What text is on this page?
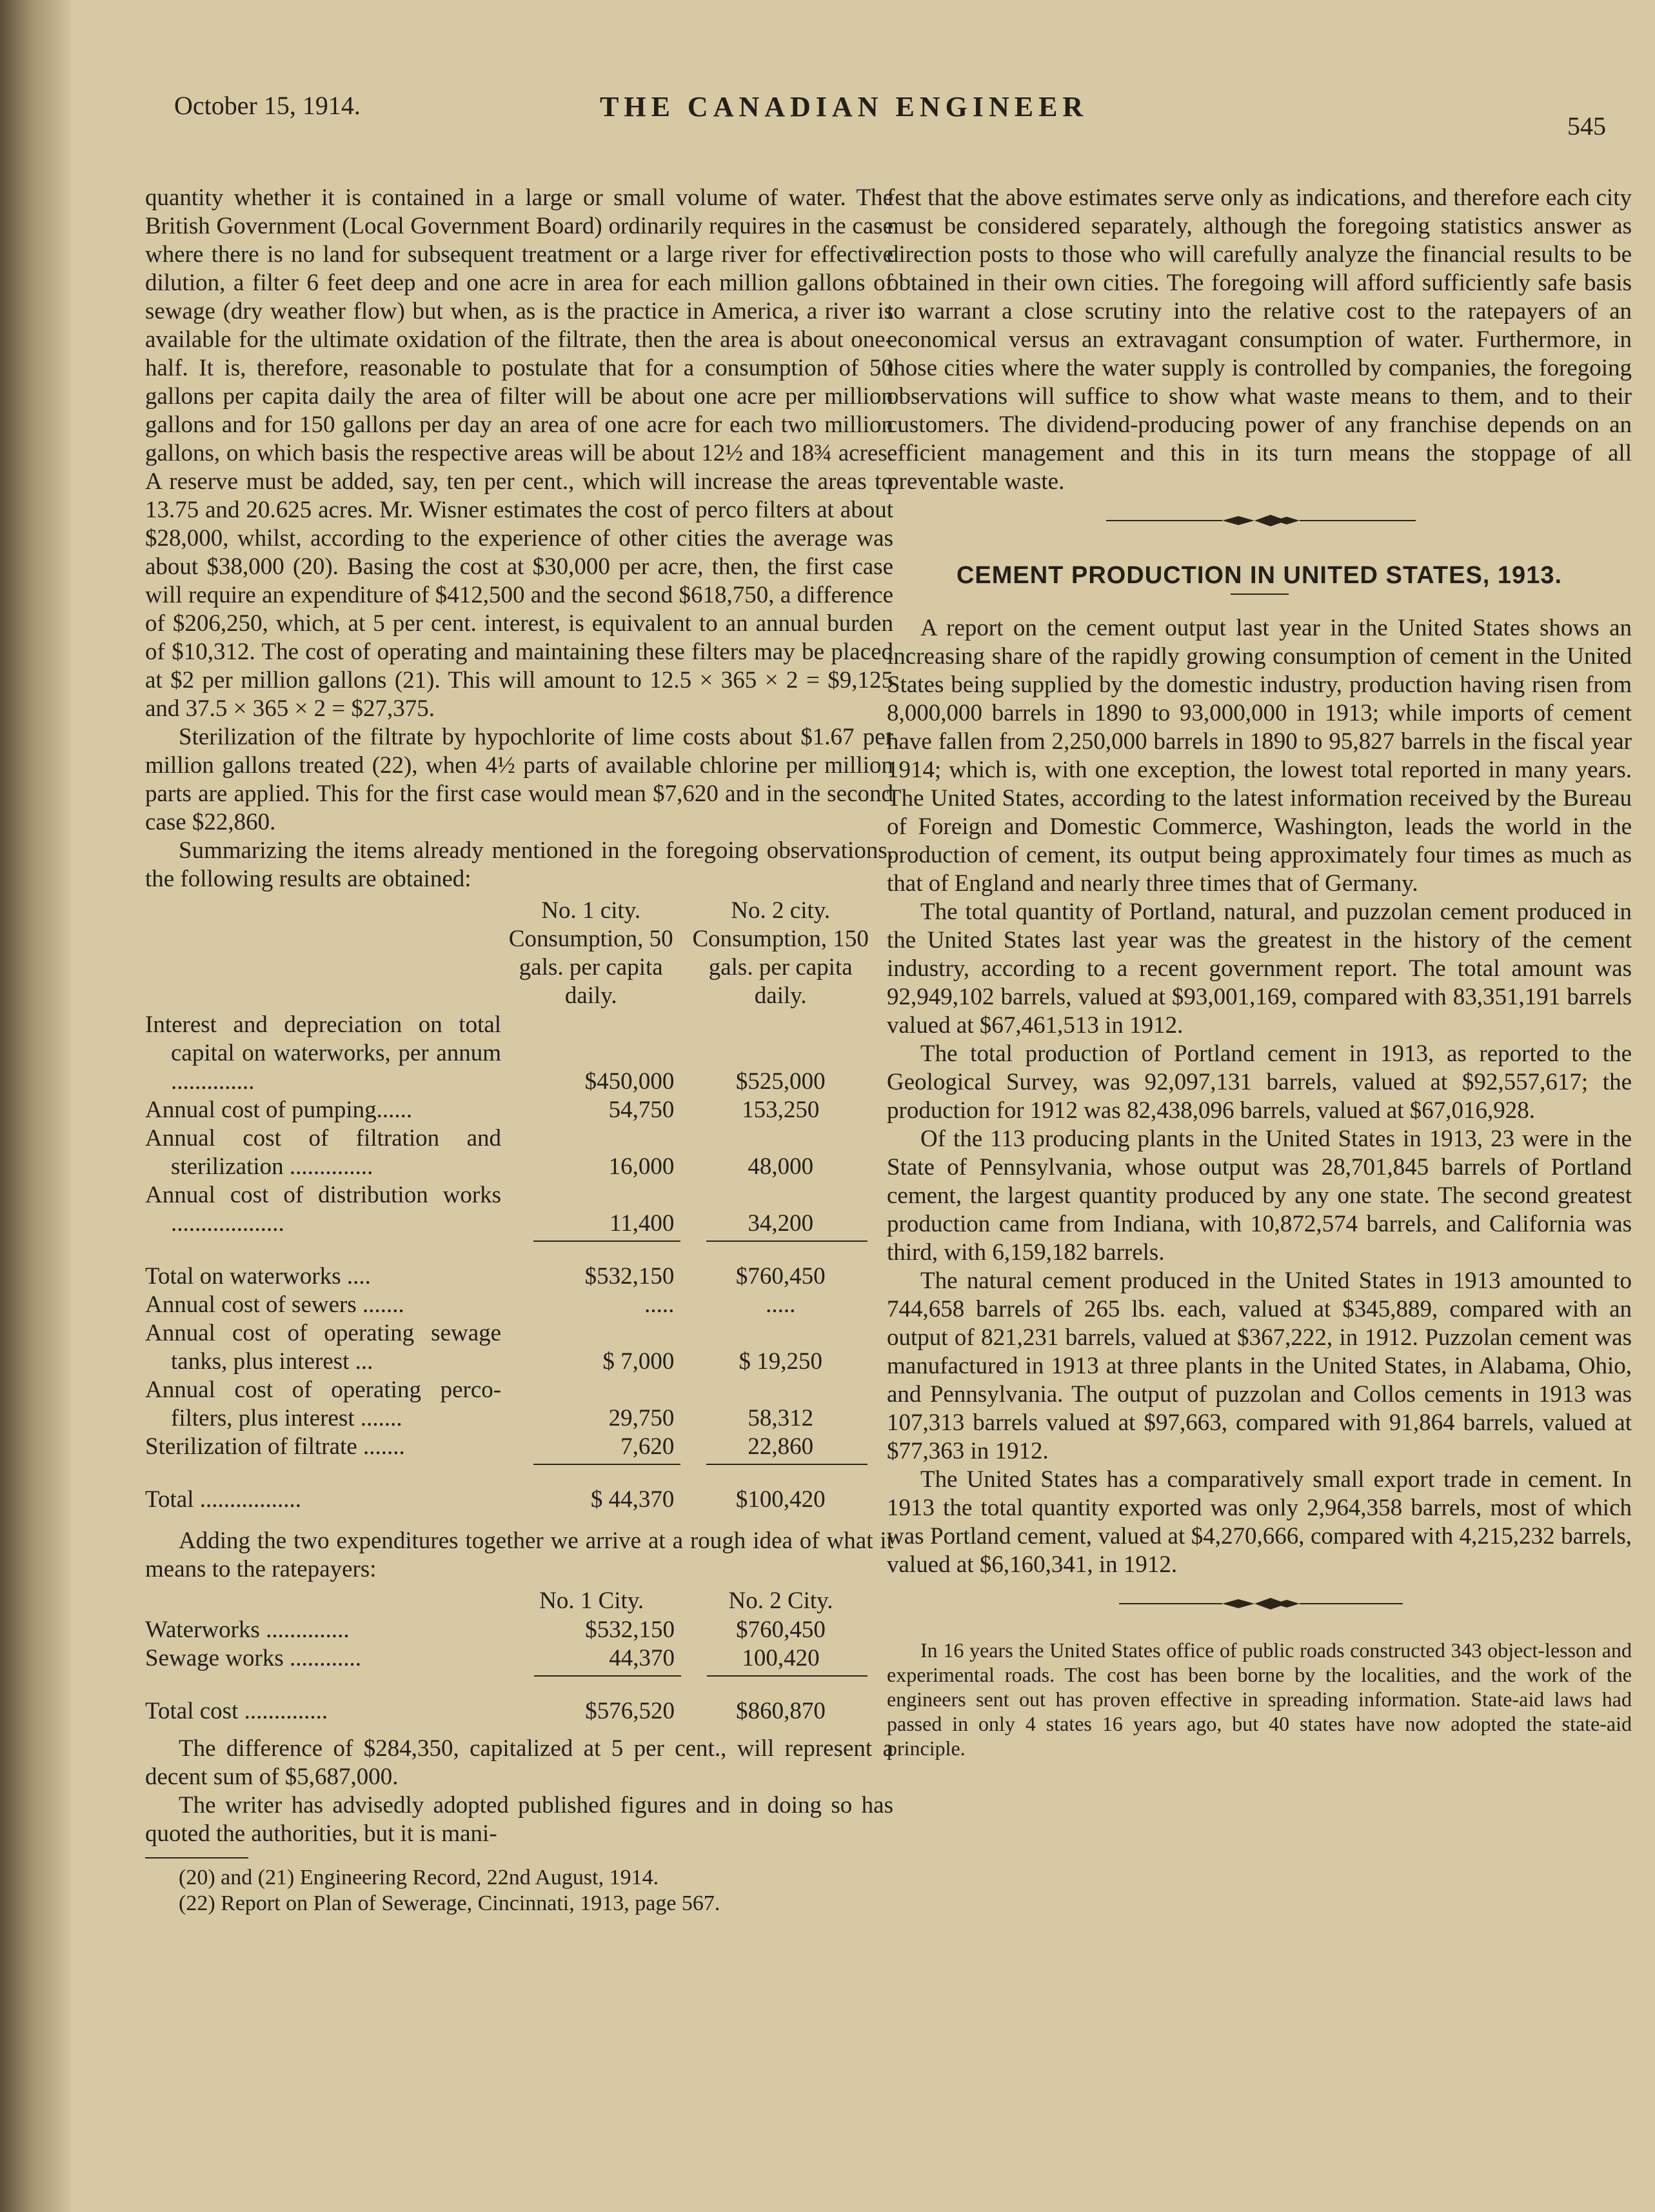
October 15, 1914.	THE CANADIAN ENGINEER
545

quantity whether it is contained in a large or small volume of water. The British Government (Local Government Board) ordinarily requires in the case where there is no land for subsequent treatment or a large river for effective dilution, a filter 6 feet deep and one acre in area for each million gallons of sewage (dry weather flow) but when, as is the practice in America, a river is available for the ultimate oxidation of the filtrate, then the area is about one-half. It is, therefore, reasonable to postulate that for a consumption of 50 gallons per capita daily the area of filter will be about one acre per million gallons and for 150 gallons per day an area of one acre for each two million gallons, on which basis the respective areas will be about 12½ and 18¾ acres. A reserve must be added, say, ten per cent., which will increase the areas to 13.75 and 20.625 acres. Mr. Wisner estimates the cost of perco filters at about $28,000, whilst, according to the experience of other cities the average was about $38,000 (20). Basing the cost at $30,000 per acre, then, the first case will require an expenditure of $412,500 and the second $618,750, a difference of $206,250, which, at 5 per cent. interest, is equivalent to an annual burden of $10,312. The cost of operating and maintaining these filters may be placed at $2 per million gallons (21). This will amount to 12.5 × 365 × 2 = $9,125 and 37.5 × 365 × 2 = $27,375.

Sterilization of the filtrate by hypochlorite of lime costs about $1.67 per million gallons treated (22), when 4½ parts of available chlorine per million parts are applied. This for the first case would mean $7,620 and in the second case $22,860.

Summarizing the items already mentioned in the foregoing observations, the following results are obtained:

	No. 1 city. Consumption, 50 gals. per capita daily.	No. 2 city. Consumption, 150 gals. per capita daily.

Interest and depreciation on total capital on waterworks, per annum ..............	$450,000	$525,000

Annual cost of pumping......	54,750	153,250

Annual cost of filtration and sterilization ..............	16,000	48,000

Annual cost of distribution works ...................	11,400	34,200

Total on waterworks ....	$532,150	$760,450

Annual cost of sewers .......	.....	.....

Annual cost of operating sewage tanks, plus interest ...	$ 7,000	$ 19,250

Annual cost of operating perco-filters, plus interest .......	29,750	58,312

Sterilization of filtrate .......	7,620	22,860

Total .................	$ 44,370	$100,420

Adding the two expenditures together we arrive at a rough idea of what it means to the ratepayers:

	No. 1 City.	No. 2 City.
Waterworks ..............	$532,150	$760,450
Sewage works ............	44,370	100,420

Total cost ..............	$576,520	$860,870

The difference of $284,350, capitalized at 5 per cent., will represent a decent sum of $5,687,000.

The writer has advisedly adopted published figures and in doing so has quoted the authorities, but it is mani-

(20) and (21) Engineering Record, 22nd August, 1914.

(22) Report on Plan of Sewerage, Cincinnati, 1913, page 567.

fest that the above estimates serve only as indications, and therefore each city must be considered separately, although the foregoing statistics answer as direction posts to those who will carefully analyze the financial results to be obtained in their own cities. The foregoing will afford sufficiently safe basis to warrant a close scrutiny into the relative cost to the ratepayers of an economical versus an extravagant consumption of water. Furthermore, in those cities where the water supply is controlled by companies, the foregoing observations will suffice to show what waste means to them, and to their customers. The dividend-producing power of any franchise depends on an efficient management and this in its turn means the stoppage of all preventable waste.

CEMENT PRODUCTION IN UNITED STATES, 1913.

A report on the cement output last year in the United States shows an increasing share of the rapidly growing consumption of cement in the United States being supplied by the domestic industry, production having risen from 8,000,000 barrels in 1890 to 93,000,000 in 1913; while imports of cement have fallen from 2,250,000 barrels in 1890 to 95,827 barrels in the fiscal year 1914; which is, with one exception, the lowest total reported in many years. The United States, according to the latest information received by the Bureau of Foreign and Domestic Commerce, Washington, leads the world in the production of cement, its output being approximately four times as much as that of England and nearly three times that of Germany.

The total quantity of Portland, natural, and puzzolan cement produced in the United States last year was the greatest in the history of the cement industry, according to a recent government report. The total amount was 92,949,102 barrels, valued at $93,001,169, compared with 83,351,191 barrels valued at $67,461,513 in 1912.

The total production of Portland cement in 1913, as reported to the Geological Survey, was 92,097,131 barrels, valued at $92,557,617; the production for 1912 was 82,438,096 barrels, valued at $67,016,928.

Of the 113 producing plants in the United States in 1913, 23 were in the State of Pennsylvania, whose output was 28,701,845 barrels of Portland cement, the largest quantity produced by any one state. The second greatest production came from Indiana, with 10,872,574 barrels, and California was third, with 6,159,182 barrels.

The natural cement produced in the United States in 1913 amounted to 744,658 barrels of 265 lbs. each, valued at $345,889, compared with an output of 821,231 barrels, valued at $367,222, in 1912. Puzzolan cement was manufactured in 1913 at three plants in the United States, in Alabama, Ohio, and Pennsylvania. The output of puzzolan and Collos cements in 1913 was 107,313 barrels valued at $97,663, compared with 91,864 barrels, valued at $77,363 in 1912.

The United States has a comparatively small export trade in cement. In 1913 the total quantity exported was only 2,964,358 barrels, most of which was Portland cement, valued at $4,270,666, compared with 4,215,232 barrels, valued at $6,160,341, in 1912.

In 16 years the United States office of public roads constructed 343 object-lesson and experimental roads. The cost has been borne by the localities, and the work of the engineers sent out has proven effective in spreading information. State-aid laws had passed in only 4 states 16 years ago, but 40 states have now adopted the state-aid principle.
